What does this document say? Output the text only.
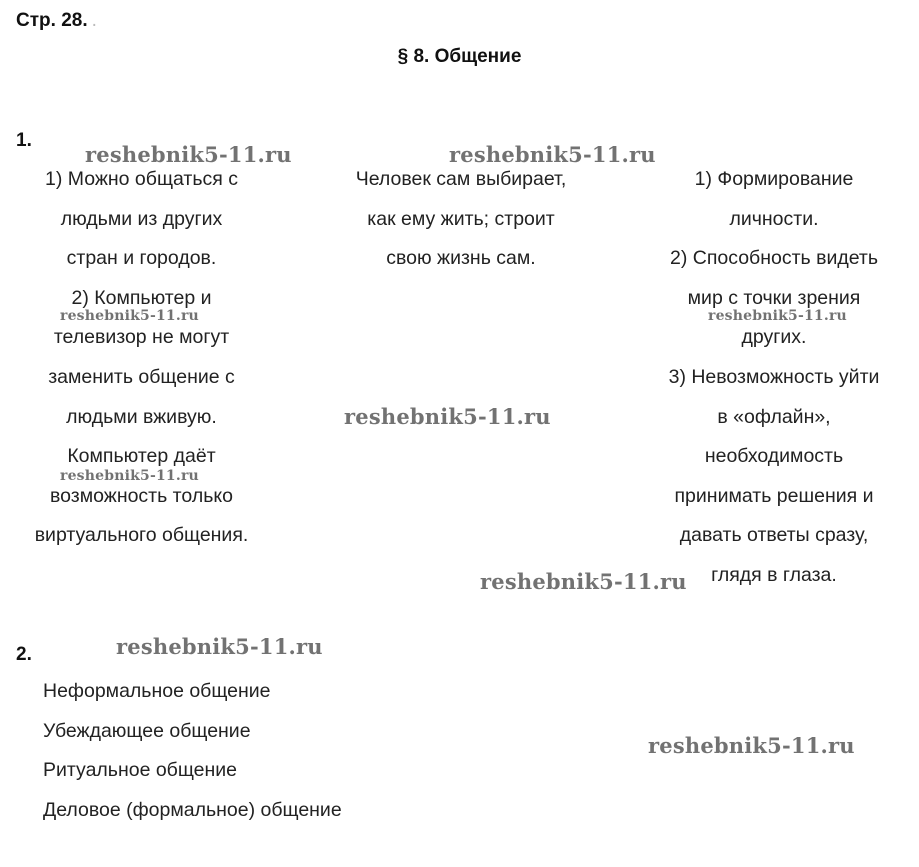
Стр. 28. .
§ 8. Общение
1.
1) Можно общаться с
людьми из других
стран и городов.
2) Компьютер и
телевизор не могут
заменить общение с
людьми вживую.
Компьютер даёт
возможность только
виртуального общения.
Человек сам выбирает,
как ему жить; строит
свою жизнь сам.
1) Формирование
личности.
2) Способность видеть
мир с точки зрения
других.
3) Невозможность уйти
в «офлайн»,
необходимость
принимать решения и
давать ответы сразу,
глядя в глаза.
2.
Неформальное общение
Убеждающее общение
Ритуальное общение
Деловое (формальное) общение
reshebnik5-11.ru	reshebnik5-11.ru
reshebnik5-11.ru	reshebnik5-11.ru
reshebnik5-11.ru
reshebnik5-11.ru
reshebnik5-11.ru
reshebnik5-11.ru
reshebnik5-11.ru
